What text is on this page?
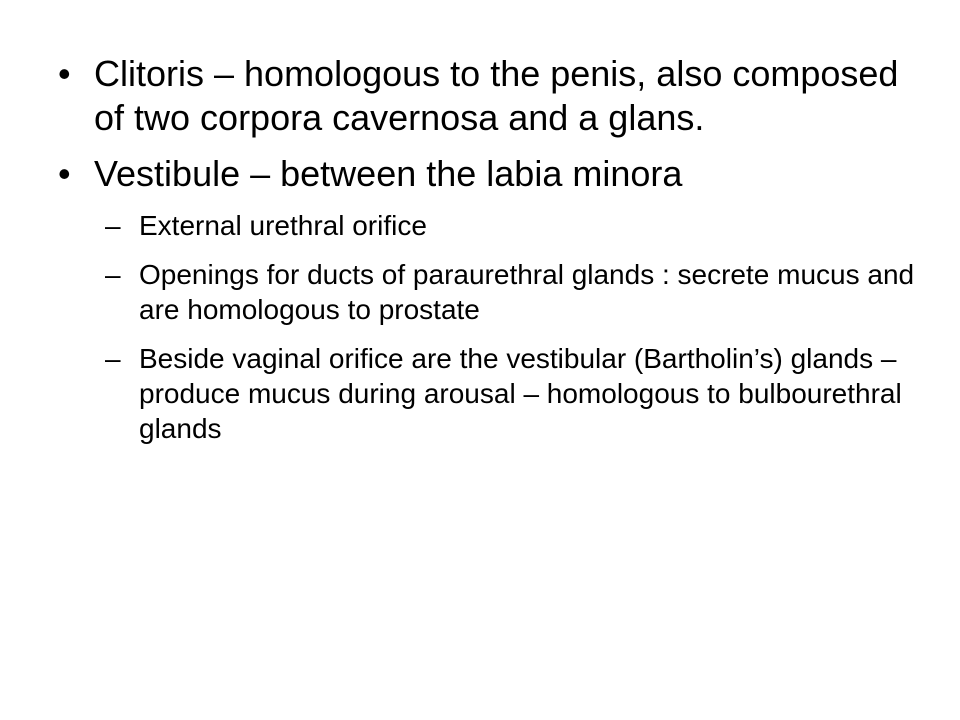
• Clitoris – homologous to the penis, also composed of two corpora cavernosa and a glans.
• Vestibule – between the labia minora
– External urethral orifice
– Openings for ducts of paraurethral glands : secrete mucus and are homologous to prostate
– Beside vaginal orifice are the vestibular (Bartholin’s) glands – produce mucus during arousal – homologous to bulbourethral glands
